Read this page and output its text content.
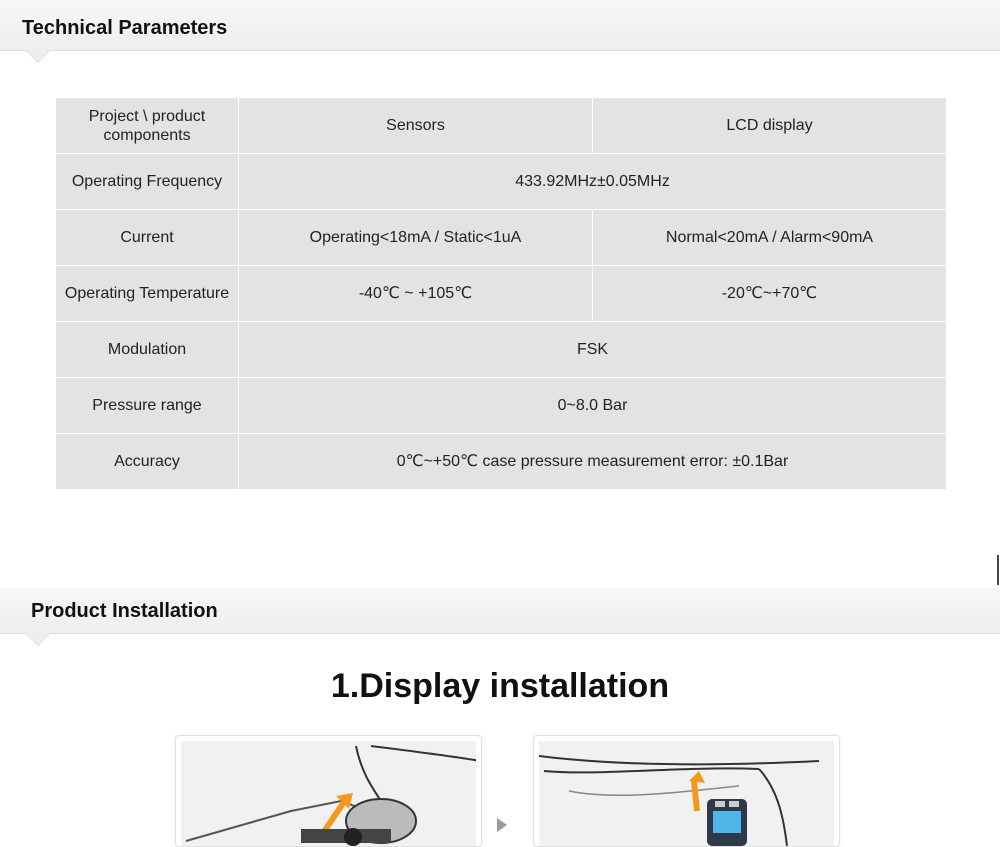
Technical Parameters
Project \ product components	Sensors	LCD display
Operating Frequency	433.92MHz±0.05MHz	
Current	Operating<18mA / Static<1uA	Normal<20mA / Alarm<90mA
Operating Temperature	-40℃ ~ +105℃	-20℃~+70℃
Modulation	FSK	
Pressure range	0~8.0 Bar	
Accuracy	0℃~+50℃ case pressure measurement error: ±0.1Bar	
Product Installation
1.Display installation
